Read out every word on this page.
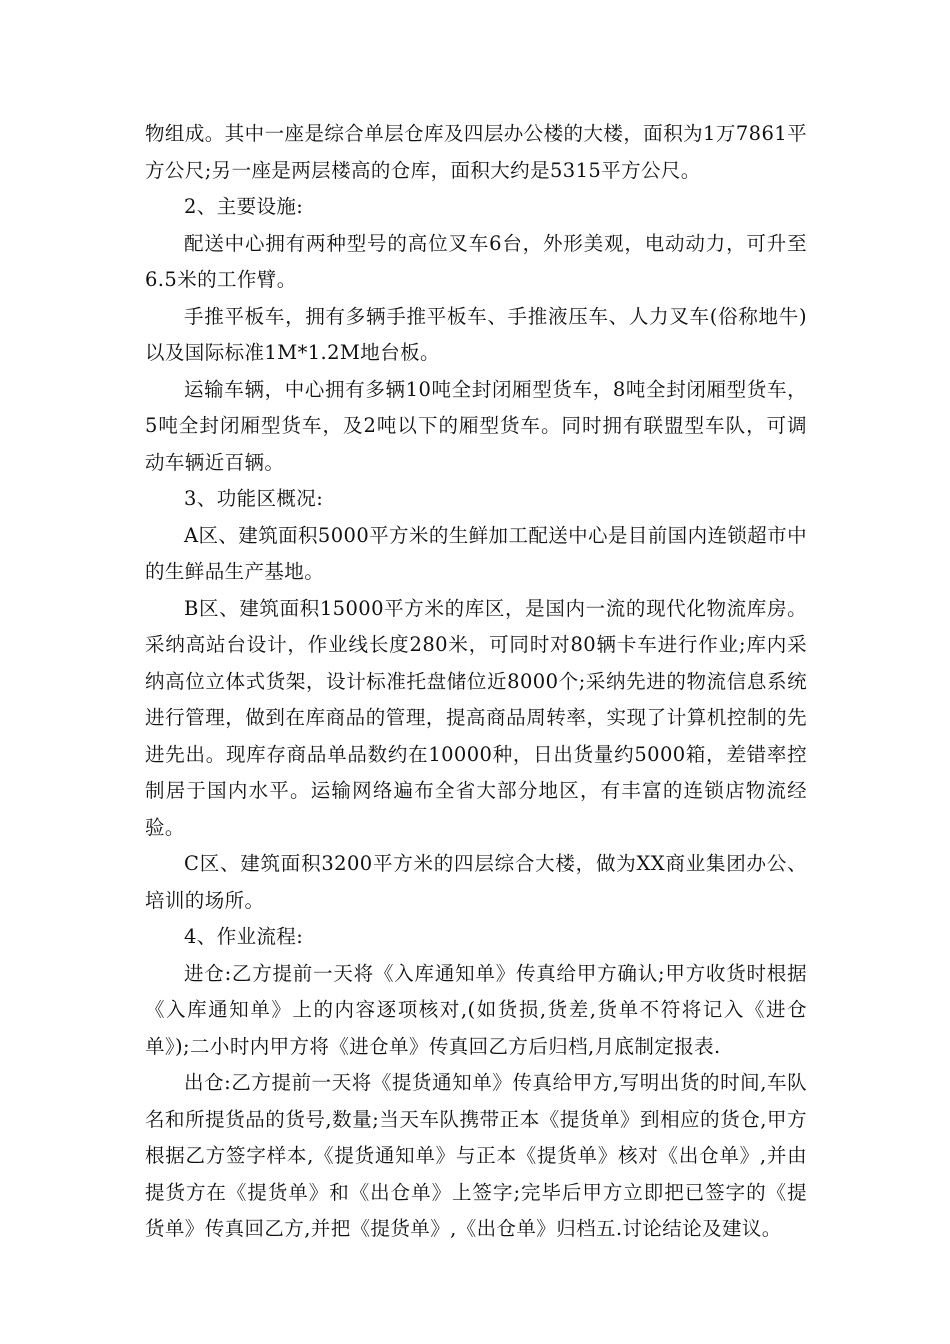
物组成。其中一座是综合单层仓库及四层办公楼的大楼，面积为1万7861平方公尺;另一座是两层楼高的仓库，面积大约是5315平方公尺。

2、主要设施:

配送中心拥有两种型号的高位叉车6台，外形美观，电动动力，可升至6.5米的工作臂。

手推平板车，拥有多辆手推平板车、手推液压车、人力叉车(俗称地牛)以及国际标准1M*1.2M地台板。

运输车辆，中心拥有多辆10吨全封闭厢型货车，8吨全封闭厢型货车，5吨全封闭厢型货车，及2吨以下的厢型货车。同时拥有联盟型车队，可调动车辆近百辆。

3、功能区概况:

A区、建筑面积5000平方米的生鲜加工配送中心是目前国内连锁超市中的生鲜品生产基地。

B区、建筑面积15000平方米的库区，是国内一流的现代化物流库房。采纳高站台设计，作业线长度280米，可同时对80辆卡车进行作业;库内采纳高位立体式货架，设计标准托盘储位近8000个;采纳先进的物流信息系统进行管理，做到在库商品的管理，提高商品周转率，实现了计算机控制的先进先出。现库存商品单品数约在10000种，日出货量约5000箱，差错率控制居于国内水平。运输网络遍布全省大部分地区，有丰富的连锁店物流经验。

C区、建筑面积3200平方米的四层综合大楼，做为XX商业集团办公、培训的场所。

4、作业流程:

进仓:乙方提前一天将《入库通知单》传真给甲方确认;甲方收货时根据《入库通知单》上的内容逐项核对,(如货损,货差,货单不符将记入《进仓单》);二小时内甲方将《进仓单》传真回乙方后归档,月底制定报表.

出仓:乙方提前一天将《提货通知单》传真给甲方,写明出货的时间,车队名和所提货品的货号,数量;当天车队携带正本《提货单》到相应的货仓,甲方根据乙方签字样本,《提货通知单》与正本《提货单》核对《出仓单》,并由提货方在《提货单》和《出仓单》上签字;完毕后甲方立即把已签字的《提货单》传真回乙方,并把《提货单》,《出仓单》归档五.讨论结论及建议。
